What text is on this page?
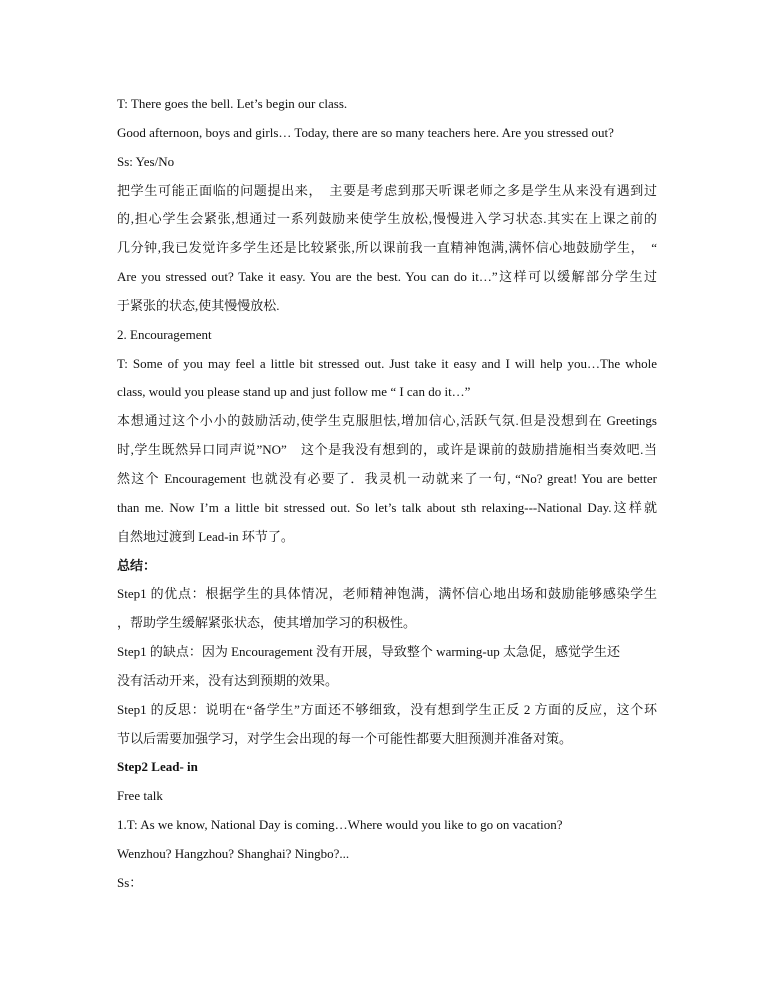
T: There goes the bell. Let’s begin our class.
Good afternoon, boys and girls… Today, there are so many teachers here. Are you stressed out?
Ss: Yes/No
把学生可能正面临的问题提出来，　主要是考虑到那天听课老师之多是学生从来没有遇到过
的,担心学生会紧张,想通过一系列鼓励来使学生放松,慢慢进入学习状态.其实在上课之前的
几分钟,我已发觉许多学生还是比较紧张,所以课前我一直精神饱满,满怀信心地鼓励学生，　“
Are you stressed out? Take it easy. You are the best. You can do it…”这样可以缓解部分学生过
于紧张的状态,使其慢慢放松.
2. Encouragement
T: Some of you may feel a little bit stressed out. Just take it easy and I will help you…The whole
class, would you please stand up and just follow me “ I can do it…”
本想通过这个小小的鼓励活动,使学生克服胆怯,增加信心,活跃气氛.但是没想到在 Greetings
时,学生既然异口同声说”NO”　这个是我没有想到的，或许是课前的鼓励措施相当奏效吧.当
然这个 Encouragement 也就没有必要了．我灵机一动就来了一句, “No? great! You are better
than me. Now I’m a little bit stressed out. So let’s talk about sth relaxing---National Day.这样就
自然地过渡到 Lead-in 环节了。
总结：
Step1 的优点：根据学生的具体情况，老师精神饱满，满怀信心地出场和鼓励能够感染学生
，帮助学生缓解紧张状态，使其增加学习的积极性。
Step1 的缺点：因为 Encouragement 没有开展，导致整个 warming-up 太急促，感觉学生还
没有活动开来，没有达到预期的效果。
Step1 的反思：说明在“备学生”方面还不够细致，没有想到学生正反 2 方面的反应，这个环
节以后需要加强学习，对学生会出现的每一个可能性都要大胆预测并准备对策。
Step2 Lead- in
Free talk
1.T: As we know, National Day is coming…Where would you like to go on vacation?
Wenzhou? Hangzhou? Shanghai? Ningbo?...
Ss：
